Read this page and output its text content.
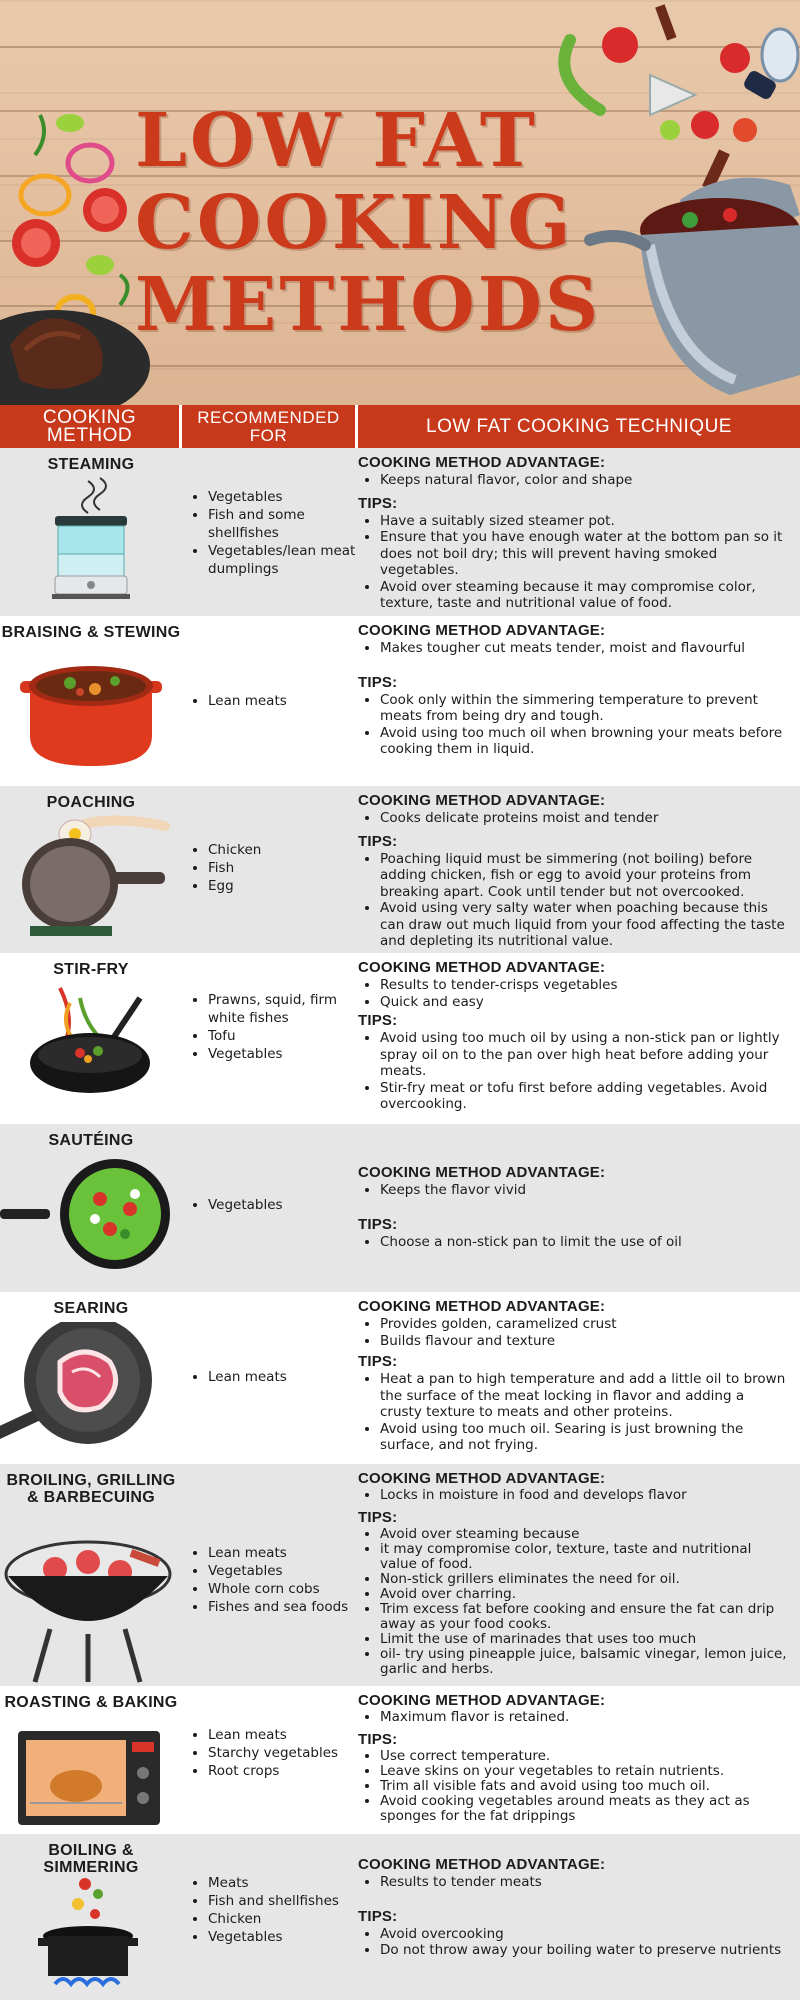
LOW FAT
COOKING
METHODS
COOKING METHOD
RECOMMENDED FOR	LOW FAT COOKING TECHNIQUE
STEAMING
• Vegetables
• Fish and some shellfishes
• Vegetables/lean meat dumplings
COOKING METHOD ADVANTAGE:
• Keeps natural flavor, color and shape
TIPS:
• Have a suitably sized steamer pot.
• Ensure that you have enough water at the bottom pan so it does not boil dry; this will prevent having smoked vegetables.
• Avoid over steaming because it may compromise color, texture, taste and nutritional value of food.
BRAISING & STEWING
• Lean meats
COOKING METHOD ADVANTAGE:
• Makes tougher cut meats tender, moist and flavourful
TIPS:
• Cook only within the simmering temperature to prevent meats from being dry and tough.
• Avoid using too much oil when browning your meats before cooking them in liquid.
POACHING
• Chicken
• Fish
• Egg
COOKING METHOD ADVANTAGE:
• Cooks delicate proteins moist and tender
TIPS:
• Poaching liquid must be simmering (not boiling) before adding chicken, fish or egg to avoid your proteins from breaking apart. Cook until tender but not overcooked.
• Avoid using very salty water when poaching because this can draw out much liquid from your food affecting the taste and depleting its nutritional value.
STIR-FRY
• Prawns, squid, firm white fishes
• Tofu
• Vegetables
COOKING METHOD ADVANTAGE:
• Results to tender-crisps vegetables
• Quick and easy
TIPS:
• Avoid using too much oil by using a non-stick pan or lightly spray oil on to the pan over high heat before adding your meats.
• Stir-fry meat or tofu first before adding vegetables. Avoid overcooking.
SAUTÉING
• Vegetables
COOKING METHOD ADVANTAGE:
• Keeps the flavor vivid
TIPS:
• Choose a non-stick pan to limit the use of oil
SEARING
• Lean meats
COOKING METHOD ADVANTAGE:
• Provides golden, caramelized crust
• Builds flavour and texture
TIPS:
• Heat a pan to high temperature and add a little oil to brown the surface of the meat locking in flavor and adding a crusty texture to meats and other proteins.
• Avoid using too much oil. Searing is just browning the surface, and not frying.
BROILING, GRILLING & BARBECUING
• Lean meats
• Vegetables
• Whole corn cobs
• Fishes and sea foods
COOKING METHOD ADVANTAGE:
• Locks in moisture in food and develops flavor
TIPS:
• Avoid over steaming because
• it may compromise color, texture, taste and nutritional value of food.
• Non-stick grillers eliminates the need for oil.
• Avoid over charring.
• Trim excess fat before cooking and ensure the fat can drip away as your food cooks.
• Limit the use of marinades that uses too much
• oil- try using pineapple juice, balsamic vinegar, lemon juice, garlic and herbs.
ROASTING & BAKING
• Lean meats
• Starchy vegetables
• Root crops
COOKING METHOD ADVANTAGE:
• Maximum flavor is retained.
TIPS:
• Use correct temperature.
• Leave skins on your vegetables to retain nutrients.
• Trim all visible fats and avoid using too much oil.
• Avoid cooking vegetables around meats as they act as sponges for the fat drippings
BOILING & SIMMERING
• Meats
• Fish and shellfishes
• Chicken
• Vegetables
COOKING METHOD ADVANTAGE:
• Results to tender meats
TIPS:
• Avoid overcooking
• Do not throw away your boiling water to preserve nutrients
